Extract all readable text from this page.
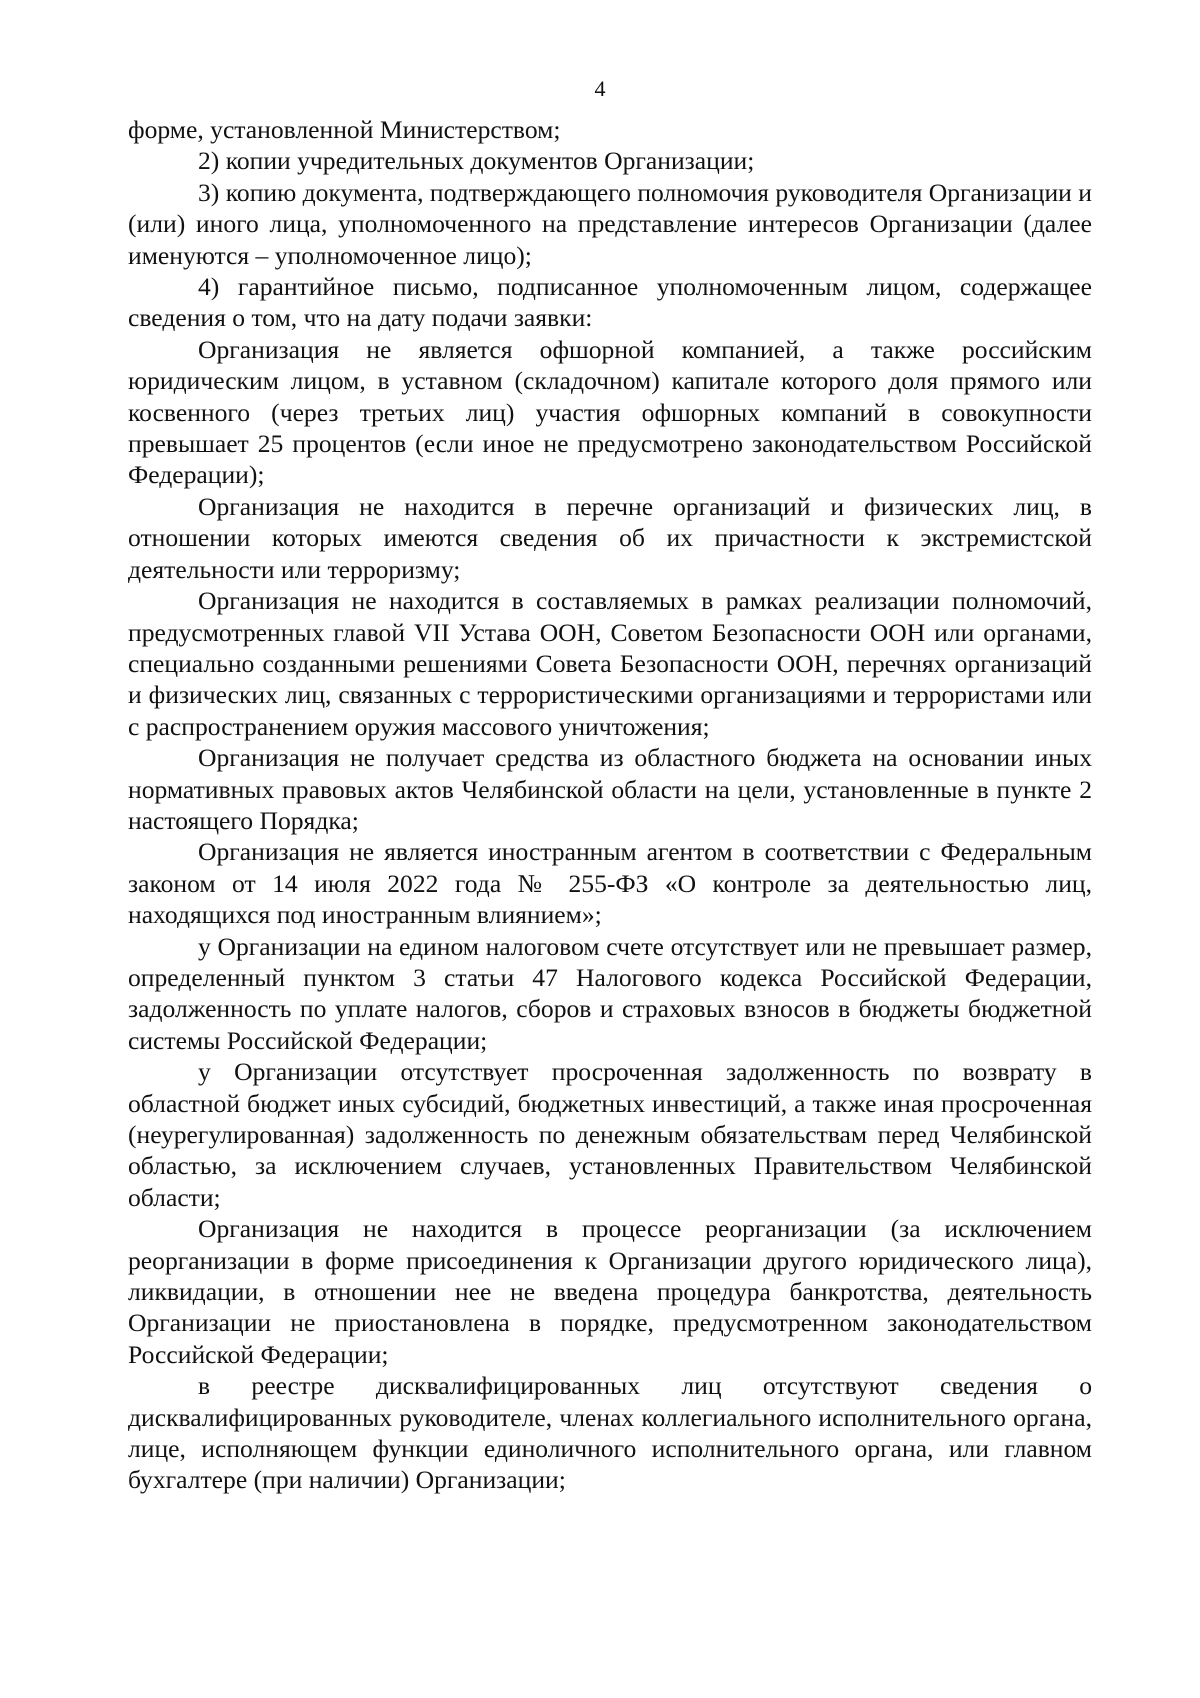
4

форме, установленной Министерством;

2) копии учредительных документов Организации;

3) копию документа, подтверждающего полномочия руководителя Организации и (или) иного лица, уполномоченного на представление интересов Организации (далее именуются – уполномоченное лицо);

4) гарантийное письмо, подписанное уполномоченным лицом, содержащее сведения о том, что на дату подачи заявки:

Организация не является офшорной компанией, а также российским юридическим лицом, в уставном (складочном) капитале которого доля прямого или косвенного (через третьих лиц) участия офшорных компаний в совокупности превышает 25 процентов (если иное не предусмотрено законодательством Российской Федерации);

Организация не находится в перечне организаций и физических лиц, в отношении которых имеются сведения об их причастности к экстремистской деятельности или терроризму;

Организация не находится в составляемых в рамках реализации полномочий, предусмотренных главой VII Устава ООН, Советом Безопасности ООН или органами, специально созданными решениями Совета Безопасности ООН, перечнях организаций и физических лиц, связанных с террористическими организациями и террористами или с распространением оружия массового уничтожения;

Организация не получает средства из областного бюджета на основании иных нормативных правовых актов Челябинской области на цели, установленные в пункте 2 настоящего Порядка;

Организация не является иностранным агентом в соответствии с Федеральным законом от 14 июля 2022 года № 255-ФЗ «О контроле за деятельностью лиц, находящихся под иностранным влиянием»;

у Организации на едином налоговом счете отсутствует или не превышает размер, определенный пунктом 3 статьи 47 Налогового кодекса Российской Федерации, задолженность по уплате налогов, сборов и страховых взносов в бюджеты бюджетной системы Российской Федерации;

у Организации отсутствует просроченная задолженность по возврату в областной бюджет иных субсидий, бюджетных инвестиций, а также иная просроченная (неурегулированная) задолженность по денежным обязательствам перед Челябинской областью, за исключением случаев, установленных Правительством Челябинской области;

Организация не находится в процессе реорганизации (за исключением реорганизации в форме присоединения к Организации другого юридического лица), ликвидации, в отношении нее не введена процедура банкротства, деятельность Организации не приостановлена в порядке, предусмотренном законодательством Российской Федерации;

в реестре дисквалифицированных лиц отсутствуют сведения о дисквалифицированных руководителе, членах коллегиального исполнительного органа, лице, исполняющем функции единоличного исполнительного органа, или главном бухгалтере (при наличии) Организации;
